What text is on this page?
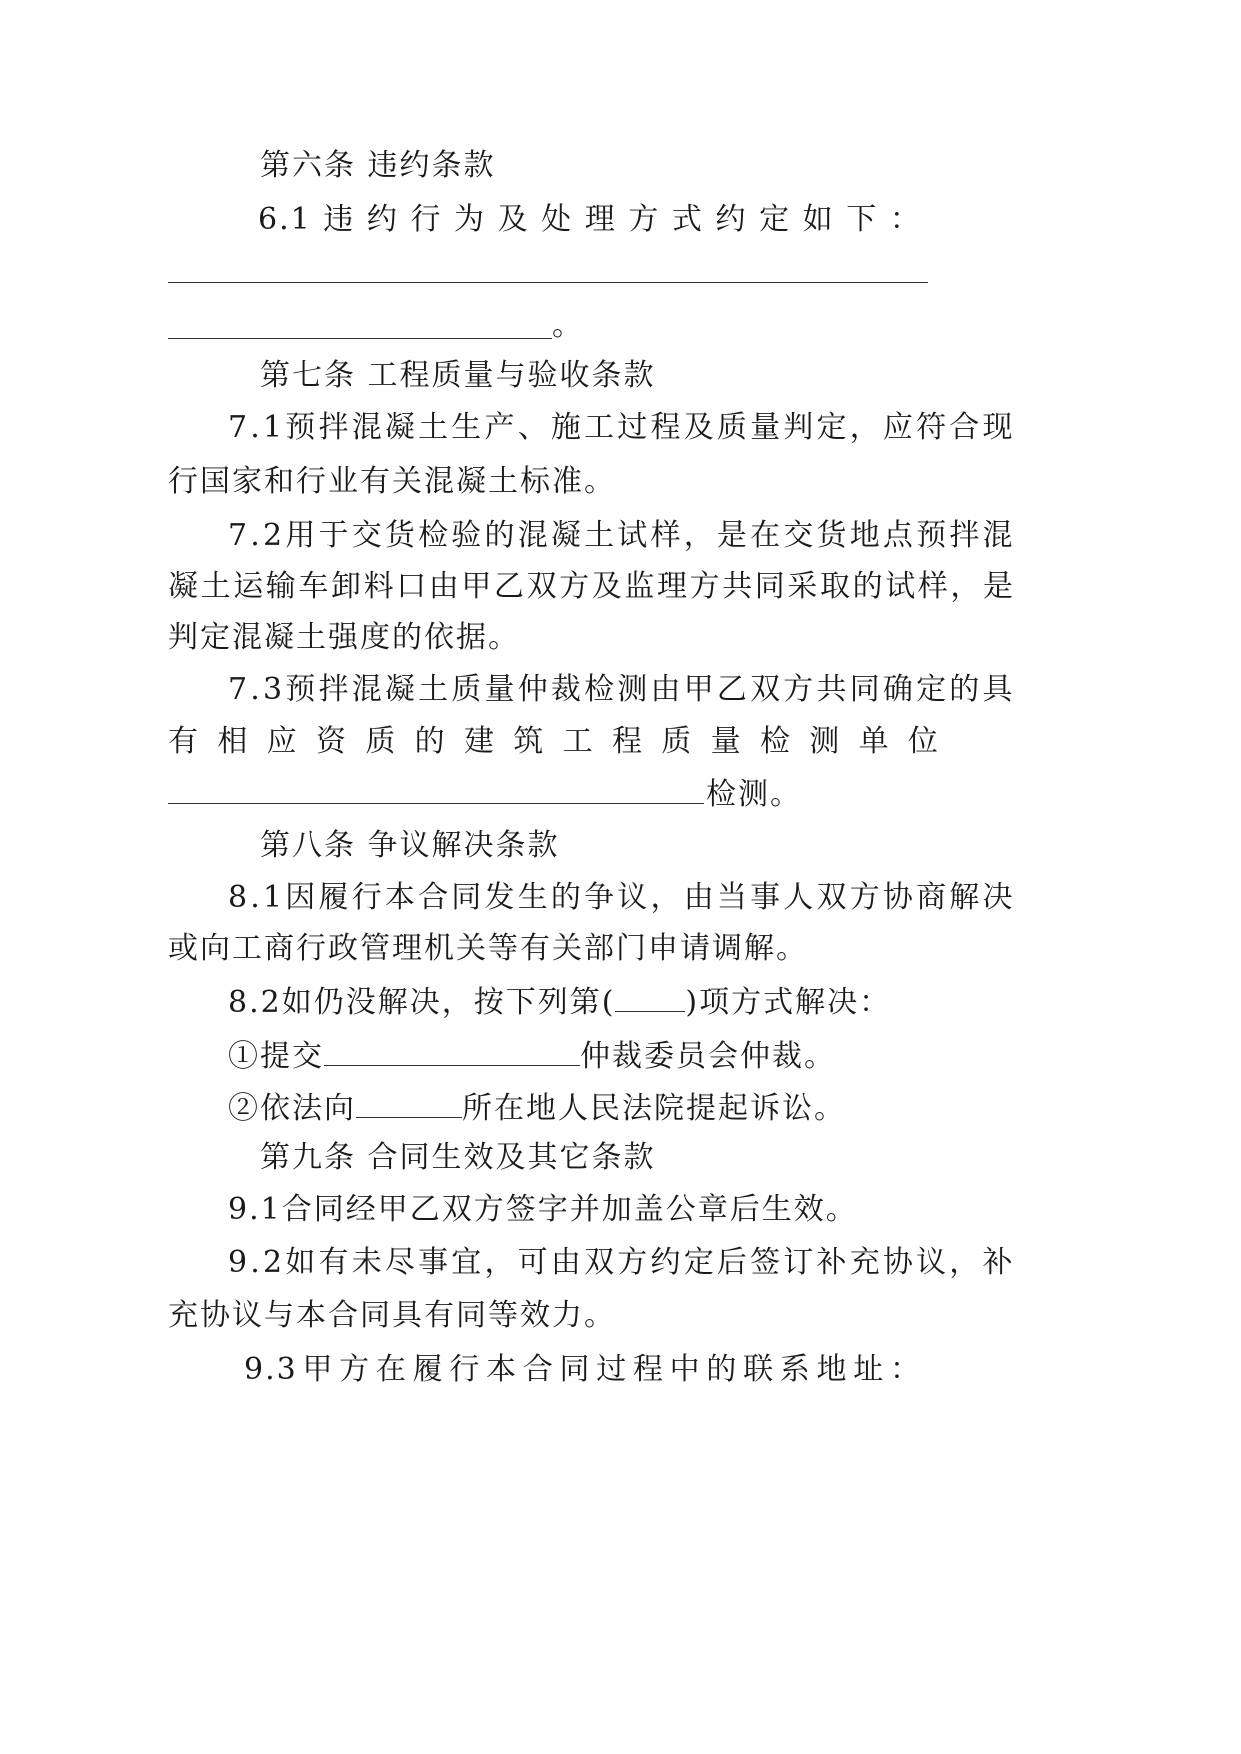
第六条 违约条款
6.1 违 约 行 为 及 处 理 方 式 约 定 如 下 ：
。
第七条 工程质量与验收条款
7.1预拌混凝土生产、施工过程及质量判定，应符合现
行国家和行业有关混凝土标准。
7.2用于交货检验的混凝土试样，是在交货地点预拌混
凝土运输车卸料口由甲乙双方及监理方共同采取的试样，是
判定混凝土强度的依据。
7.3预拌混凝土质量仲裁检测由甲乙双方共同确定的具
有 相 应 资 质 的 建 筑 工 程 质 量 检 测 单 位
检测。
第八条 争议解决条款
8.1因履行本合同发生的争议，由当事人双方协商解决
或向工商行政管理机关等有关部门申请调解。
8.2如仍没解决，按下列第( )项方式解决：
①提交	仲裁委员会仲裁。
②依法向	所在地人民法院提起诉讼。
第九条 合同生效及其它条款
9.1合同经甲乙双方签字并加盖公章后生效。
9.2如有未尽事宜，可由双方约定后签订补充协议，补
充协议与本合同具有同等效力。
9.3 甲 方 在 履 行 本 合 同 过 程 中 的 联 系 地 址 ：
